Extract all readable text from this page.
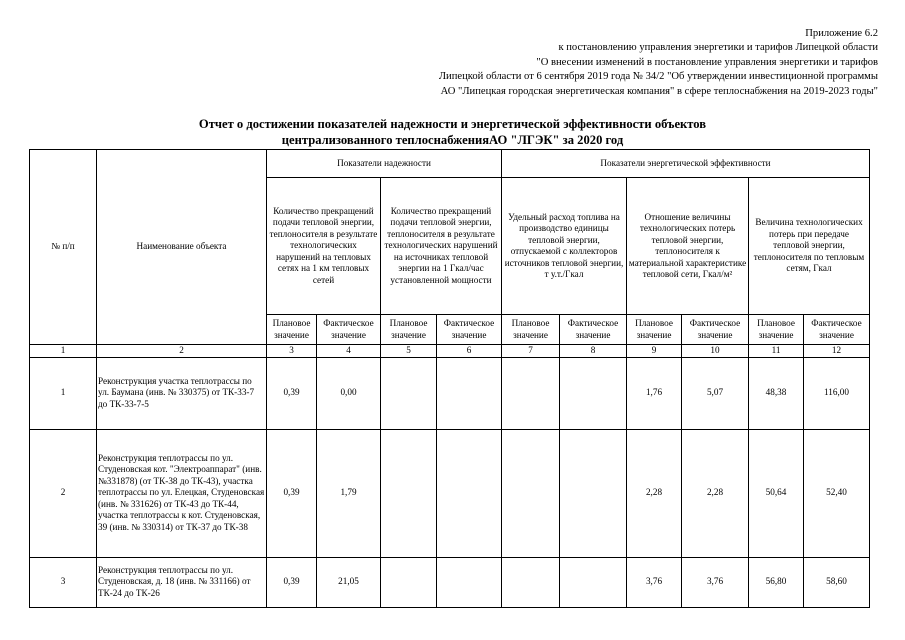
Приложение 6.2
к постановлению управления энергетики и тарифов Липецкой области
"О внесении изменений в постановление управления энергетики и тарифов
Липецкой области от 6 сентября 2019 года № 34/2 "Об утверждении инвестиционной программы
АО "Липецкая городская энергетическая компания" в сфере теплоснабжения на 2019-2023 годы"
Отчет о достижении показателей надежности и энергетической эффективности объектов
централизованного теплоснабженияАО "ЛГЭК" за 2020 год
№ п/п	Наименование объекта	Показатели надежности				Показатели энергетической эффективности					
		Количество прекращений подачи тепловой энергии, теплоносителя в результате технологических нарушений на тепловых сетях на 1 км тепловых сетей		Количество прекращений подачи тепловой энергии, теплоносителя в результате технологических нарушений на источниках тепловой энергии на 1 Гкал/час установленной мощности		Удельный расход топлива на производство единицы тепловой энергии, отпускаемой с коллекторов источников тепловой энергии, т у.т./Гкал		Отношение величины технологических потерь тепловой энергии, теплоносителя к материальной характеристике тепловой сети, Гкал/м²		Величина технологических потерь при передаче тепловой энергии, теплоносителя по тепловым сетям, Гкал	
		Плановое значение	Фактическое значение	Плановое значение	Фактическое значение	Плановое значение	Фактическое значение	Плановое значение	Фактическое значение	Плановое значение	Фактическое значение
1	2	3	4	5	6	7	8	9	10	11	12
1	Реконструкция участка теплотрассы по ул. Баумана (инв. № 330375) от ТК-33-7 до ТК-33-7-5	0,39	0,00					1,76	5,07	48,38	116,00
2	Реконструкция теплотрассы по ул. Студеновская кот. "Электроаппарат" (инв. №331878) (от ТК-38 до ТК-43), участка теплотрассы по ул. Елецкая, Студеновская (инв. № 331626) от ТК-43 до ТК-44, участка теплотрассы к кот. Студеновская, 39 (инв. № 330314) от ТК-37 до ТК-38	0,39	1,79					2,28	2,28	50,64	52,40
3	Реконструкция теплотрассы по ул. Студеновская, д. 18 (инв. № 331166) от ТК-24 до ТК-26	0,39	21,05					3,76	3,76	56,80	58,60
